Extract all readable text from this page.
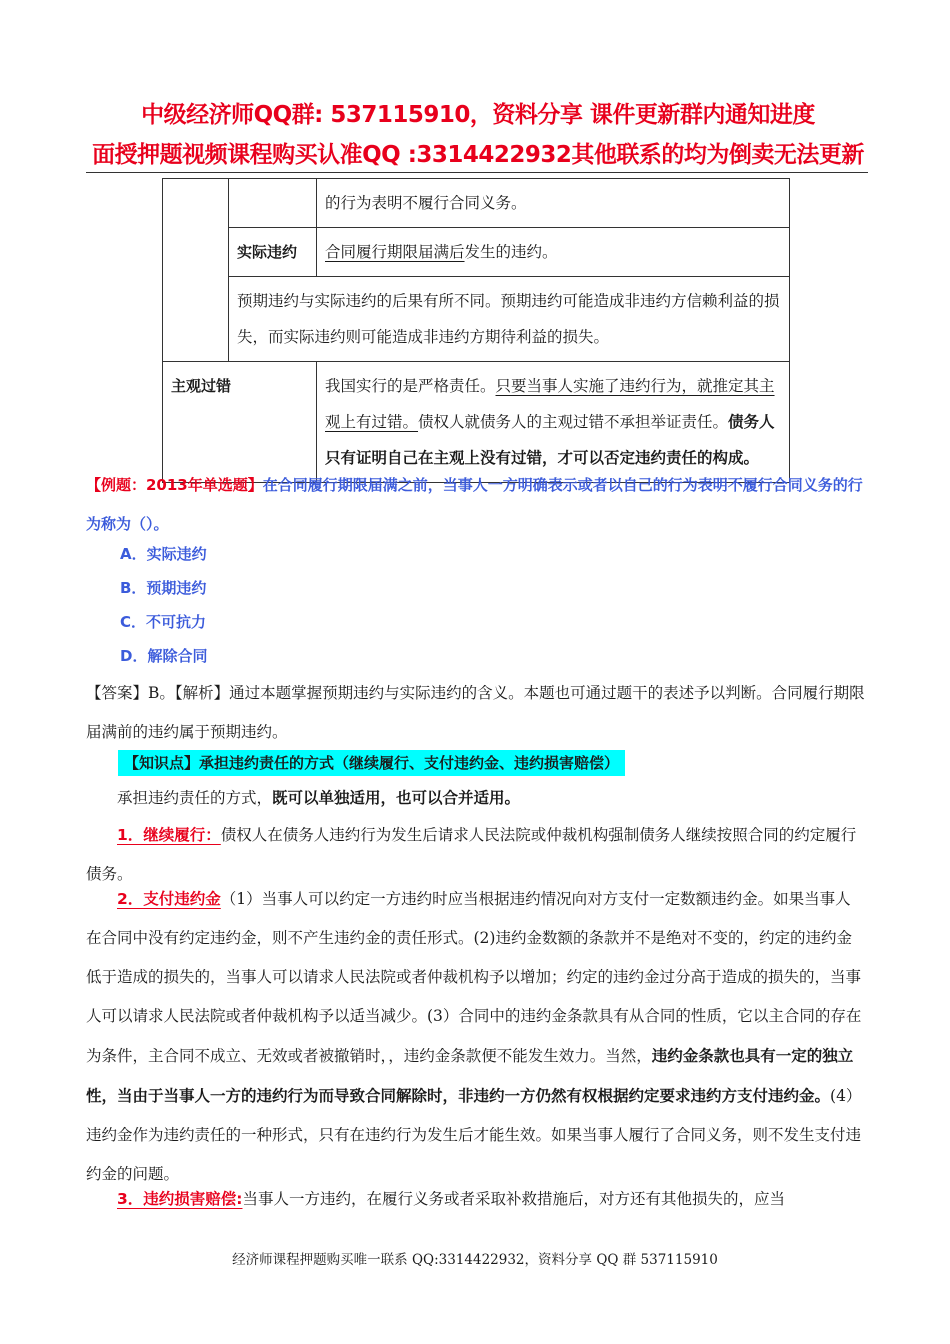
中级经济师QQ群: 537115910，资料分享 课件更新群内通知进度
面授押题视频课程购买认准QQ :3314422932其他联系的均为倒卖无法更新
		的行为表明不履行合同义务。
	实际违约	合同履行期限届满后发生的违约。
	预期违约与实际违约的后果有所不同。预期违约可能造成非违约方信赖利益的损失，而实际违约则可能造成非违约方期待利益的损失。	
主观过错		我国实行的是严格责任。只要当事人实施了违约行为，就推定其主观上有过错。债权人就债务人的主观过错不承担举证责任。债务人只有证明自己在主观上没有过错，才可以否定违约责任的构成。
【例题：2013年单选题】在合同履行期限届满之前，当事人一方明确表示或者以自己的行为表明不履行合同义务的行为称为（）。
A．实际违约
B．预期违约
C．不可抗力
D．解除合同
【答案】B。【解析】通过本题掌握预期违约与实际违约的含义。本题也可通过题干的表述予以判断。合同履行期限届满前的违约属于预期违约。
【知识点】承担违约责任的方式（继续履行、支付违约金、违约损害赔偿）
承担违约责任的方式，既可以单独适用，也可以合并适用。
1．继续履行：债权人在债务人违约行为发生后请求人民法院或仲裁机构强制债务人继续按照合同的约定履行债务。
2．支付违约金（1）当事人可以约定一方违约时应当根据违约情况向对方支付一定数额违约金。如果当事人在合同中没有约定违约金，则不产生违约金的责任形式。(2)违约金数额的条款并不是绝对不变的，约定的违约金低于造成的损失的，当事人可以请求人民法院或者仲裁机构予以增加；约定的违约金过分高于造成的损失的，当事人可以请求人民法院或者仲裁机构予以适当减少。(3）合同中的违约金条款具有从合同的性质，它以主合同的存在为条件，主合同不成立、无效或者被撤销时，，违约金条款便不能发生效力。当然，违约金条款也具有一定的独立性，当由于当事人一方的违约行为而导致合同解除时，非违约一方仍然有权根据约定要求违约方支付违约金。(4）违约金作为违约责任的一种形式，只有在违约行为发生后才能生效。如果当事人履行了合同义务，则不发生支付违约金的问题。
3．违约损害赔偿:当事人一方违约，在履行义务或者采取补救措施后，对方还有其他损失的，应当
经济师课程押题购买唯一联系 QQ:3314422932，资料分享 QQ 群 537115910
